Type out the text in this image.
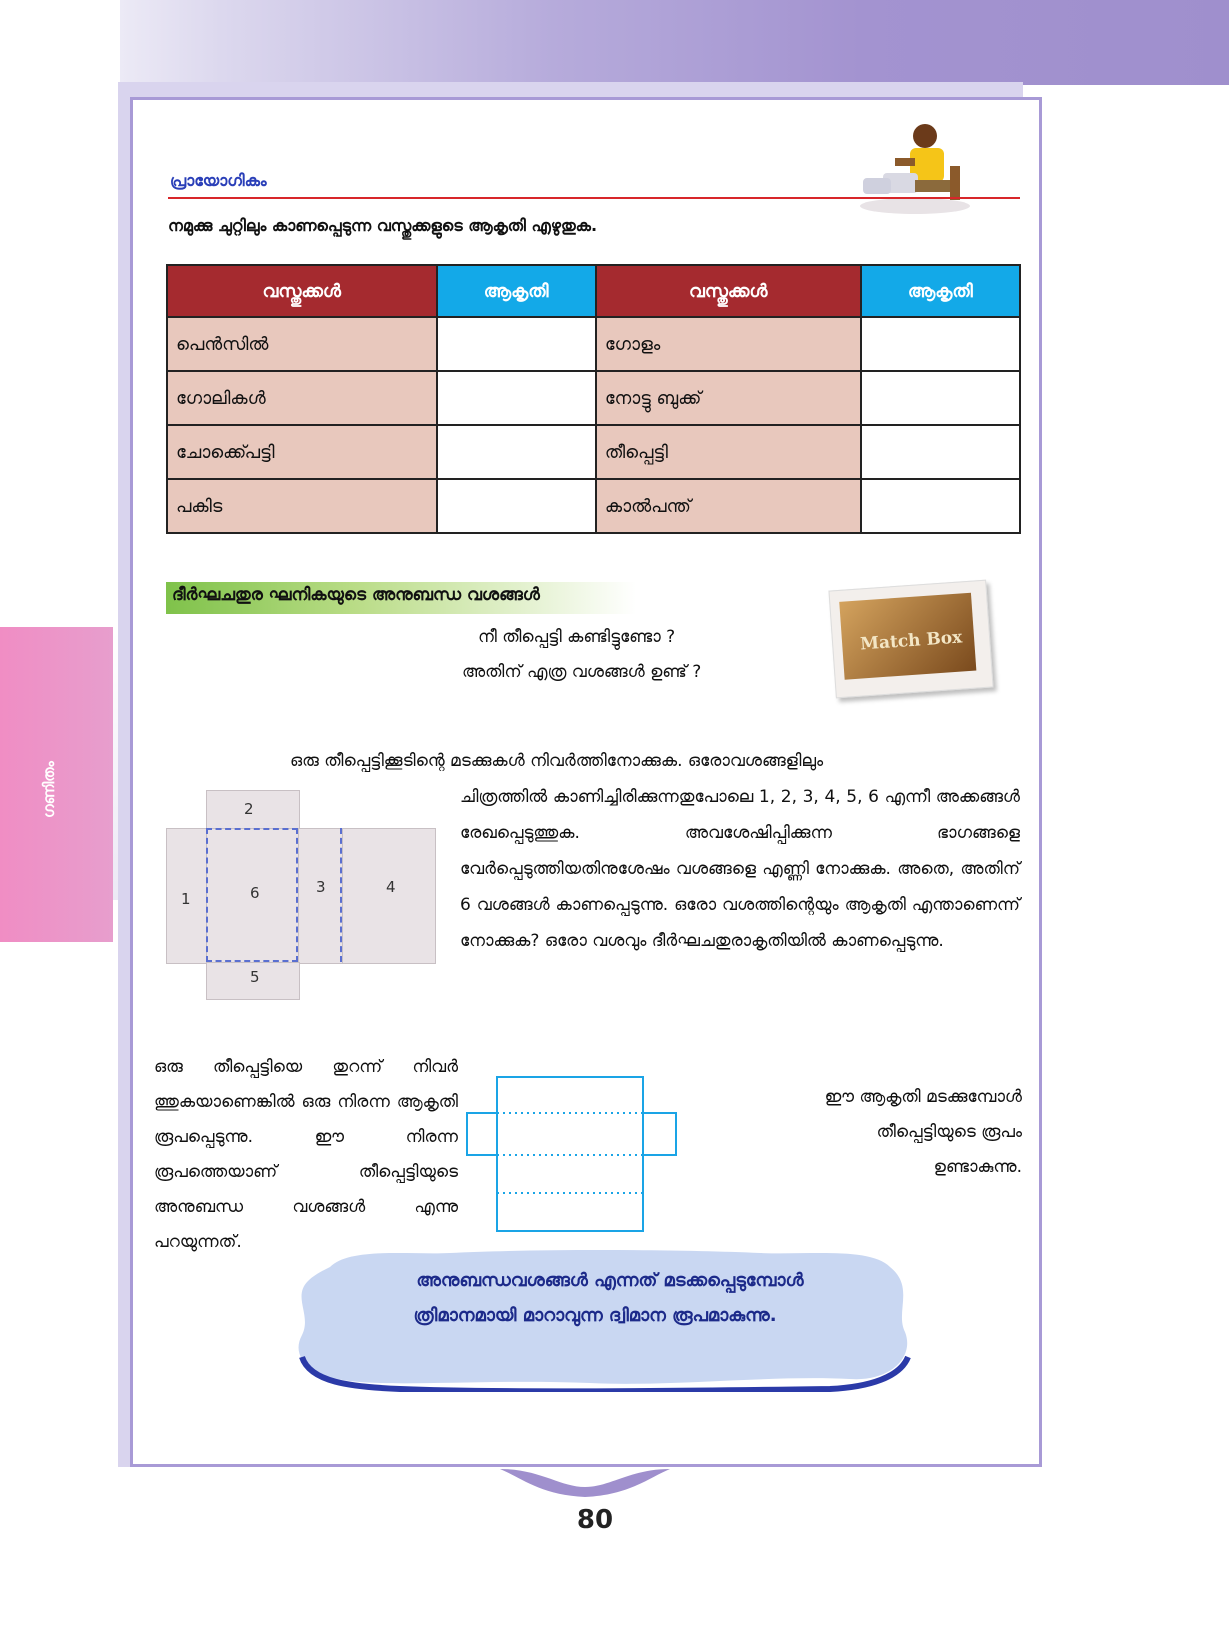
ഗണിതം
പ്രായോഗികം
നമുക്കു ചുറ്റിലും കാണപ്പെടുന്ന വസ്തുക്കളുടെ ആകൃതി എഴുതുക.
വസ്തുക്കൾ	ആകൃതി	വസ്തുക്കൾ	ആകൃതി
പെൻസിൽ		ഗോളം	
ഗോലികൾ		നോട്ടു ബുക്ക്	
ചോക്ക്പെട്ടി		തീപ്പെട്ടി	
പകിട		കാൽപന്ത്	
ദീർഘചതുര ഘനികയുടെ അനുബന്ധ വശങ്ങൾ
നീ തീപ്പെട്ടി കണ്ടിട്ടുണ്ടോ ?
അതിന് എത്ര വശങ്ങൾ ഉണ്ട് ?
Match Box
ഒരു തീപ്പെട്ടിക്കൂടിന്റെ മടക്കുകൾ നിവർത്തിനോക്കുക. ഒരോവശങ്ങളിലും
ചിത്രത്തിൽ കാണിച്ചിരിക്കുന്നതുപോലെ 1, 2, 3, 4, 5, 6 എന്നീ അക്കങ്ങൾ രേഖപ്പെടുത്തുക. അവശേഷിപ്പിക്കുന്ന ഭാഗങ്ങളെ വേർപ്പെടുത്തിയതിനുശേഷം വശങ്ങളെ എണ്ണി നോക്കുക. അതെ, അതിന് 6 വശങ്ങൾ കാണപ്പെടുന്നു. ഒരോ വശത്തിന്റെയും ആകൃതി എന്താണെന്ന് നോക്കുക? ഒരോ വശവും ദീർഘചതുരാകൃതിയിൽ കാണപ്പെടുന്നു.
1
2
3	4
5
6
ഒരു തീപ്പെട്ടിയെ തുറന്ന് നിവർ ത്തുകയാണെങ്കിൽ ഒരു നിരന്ന ആകൃതി രൂപപ്പെടുന്നു. ഈ നിരന്ന രൂപത്തെയാണ് തീപ്പെട്ടിയുടെ അനുബന്ധ വശങ്ങൾ എന്നു പറയുന്നത്.
ഈ ആകൃതി മടക്കുമ്പോൾ
തീപ്പെട്ടിയുടെ രൂപം
ഉണ്ടാകുന്നു.
അനുബന്ധവശങ്ങൾ എന്നത് മടക്കപ്പെടുമ്പോൾ
ത്രിമാനമായി മാറാവുന്ന ദ്വിമാന രൂപമാകുന്നു.
80
